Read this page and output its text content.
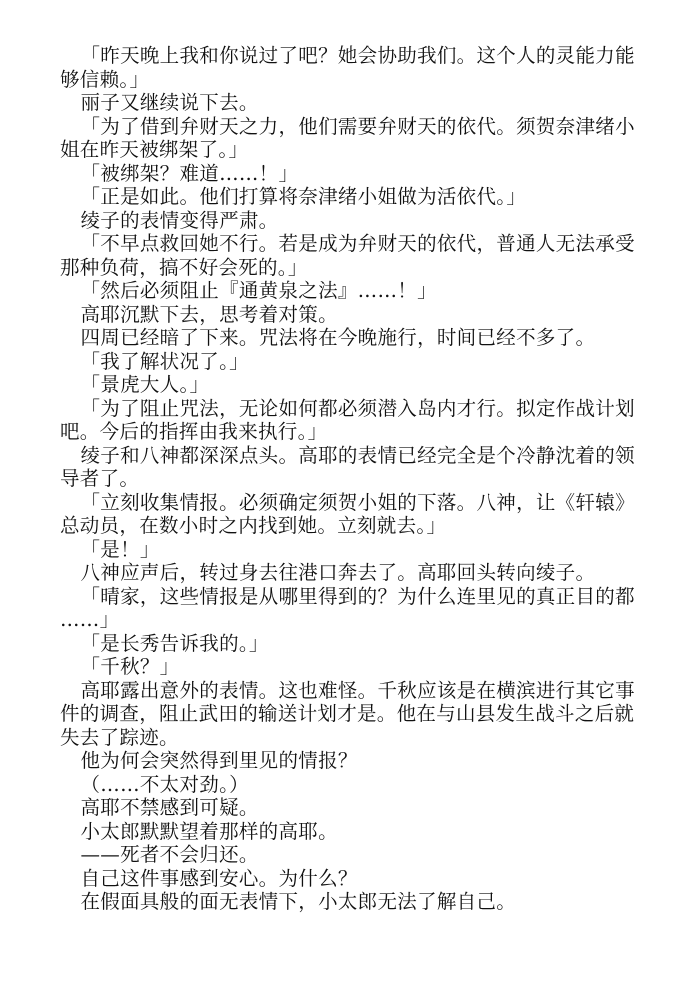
「昨天晚上我和你说过了吧？她会协助我们。这个人的灵能力能够信赖。」

丽子又继续说下去。

「为了借到弁财天之力，他们需要弁财天的依代。须贺奈津绪小姐在昨天被绑架了。」

「被绑架？难道……！」

「正是如此。他们打算将奈津绪小姐做为活依代。」

绫子的表情变得严肃。

「不早点救回她不行。若是成为弁财天的依代，普通人无法承受那种负荷，搞不好会死的。」

「然后必须阻止『通黄泉之法』……！」

高耶沉默下去，思考着对策。

四周已经暗了下来。咒法将在今晚施行，时间已经不多了。

「我了解状况了。」

「景虎大人。」

「为了阻止咒法，无论如何都必须潜入岛内才行。拟定作战计划吧。今后的指挥由我来执行。」

绫子和八神都深深点头。高耶的表情已经完全是个冷静沈着的领导者了。

「立刻收集情报。必须确定须贺小姐的下落。八神，让《轩辕》总动员，在数小时之内找到她。立刻就去。」

「是！」

八神应声后，转过身去往港口奔去了。高耶回头转向绫子。

「晴家，这些情报是从哪里得到的？为什么连里见的真正目的都……」

「是长秀告诉我的。」

「千秋？」

高耶露出意外的表情。这也难怪。千秋应该是在横滨进行其它事件的调查，阻止武田的输送计划才是。他在与山县发生战斗之后就失去了踪迹。

他为何会突然得到里见的情报？

（……不太对劲。）

高耶不禁感到可疑。

小太郎默默望着那样的高耶。

——死者不会归还。

自己这件事感到安心。为什么？

在假面具般的面无表情下，小太郎无法了解自己。
